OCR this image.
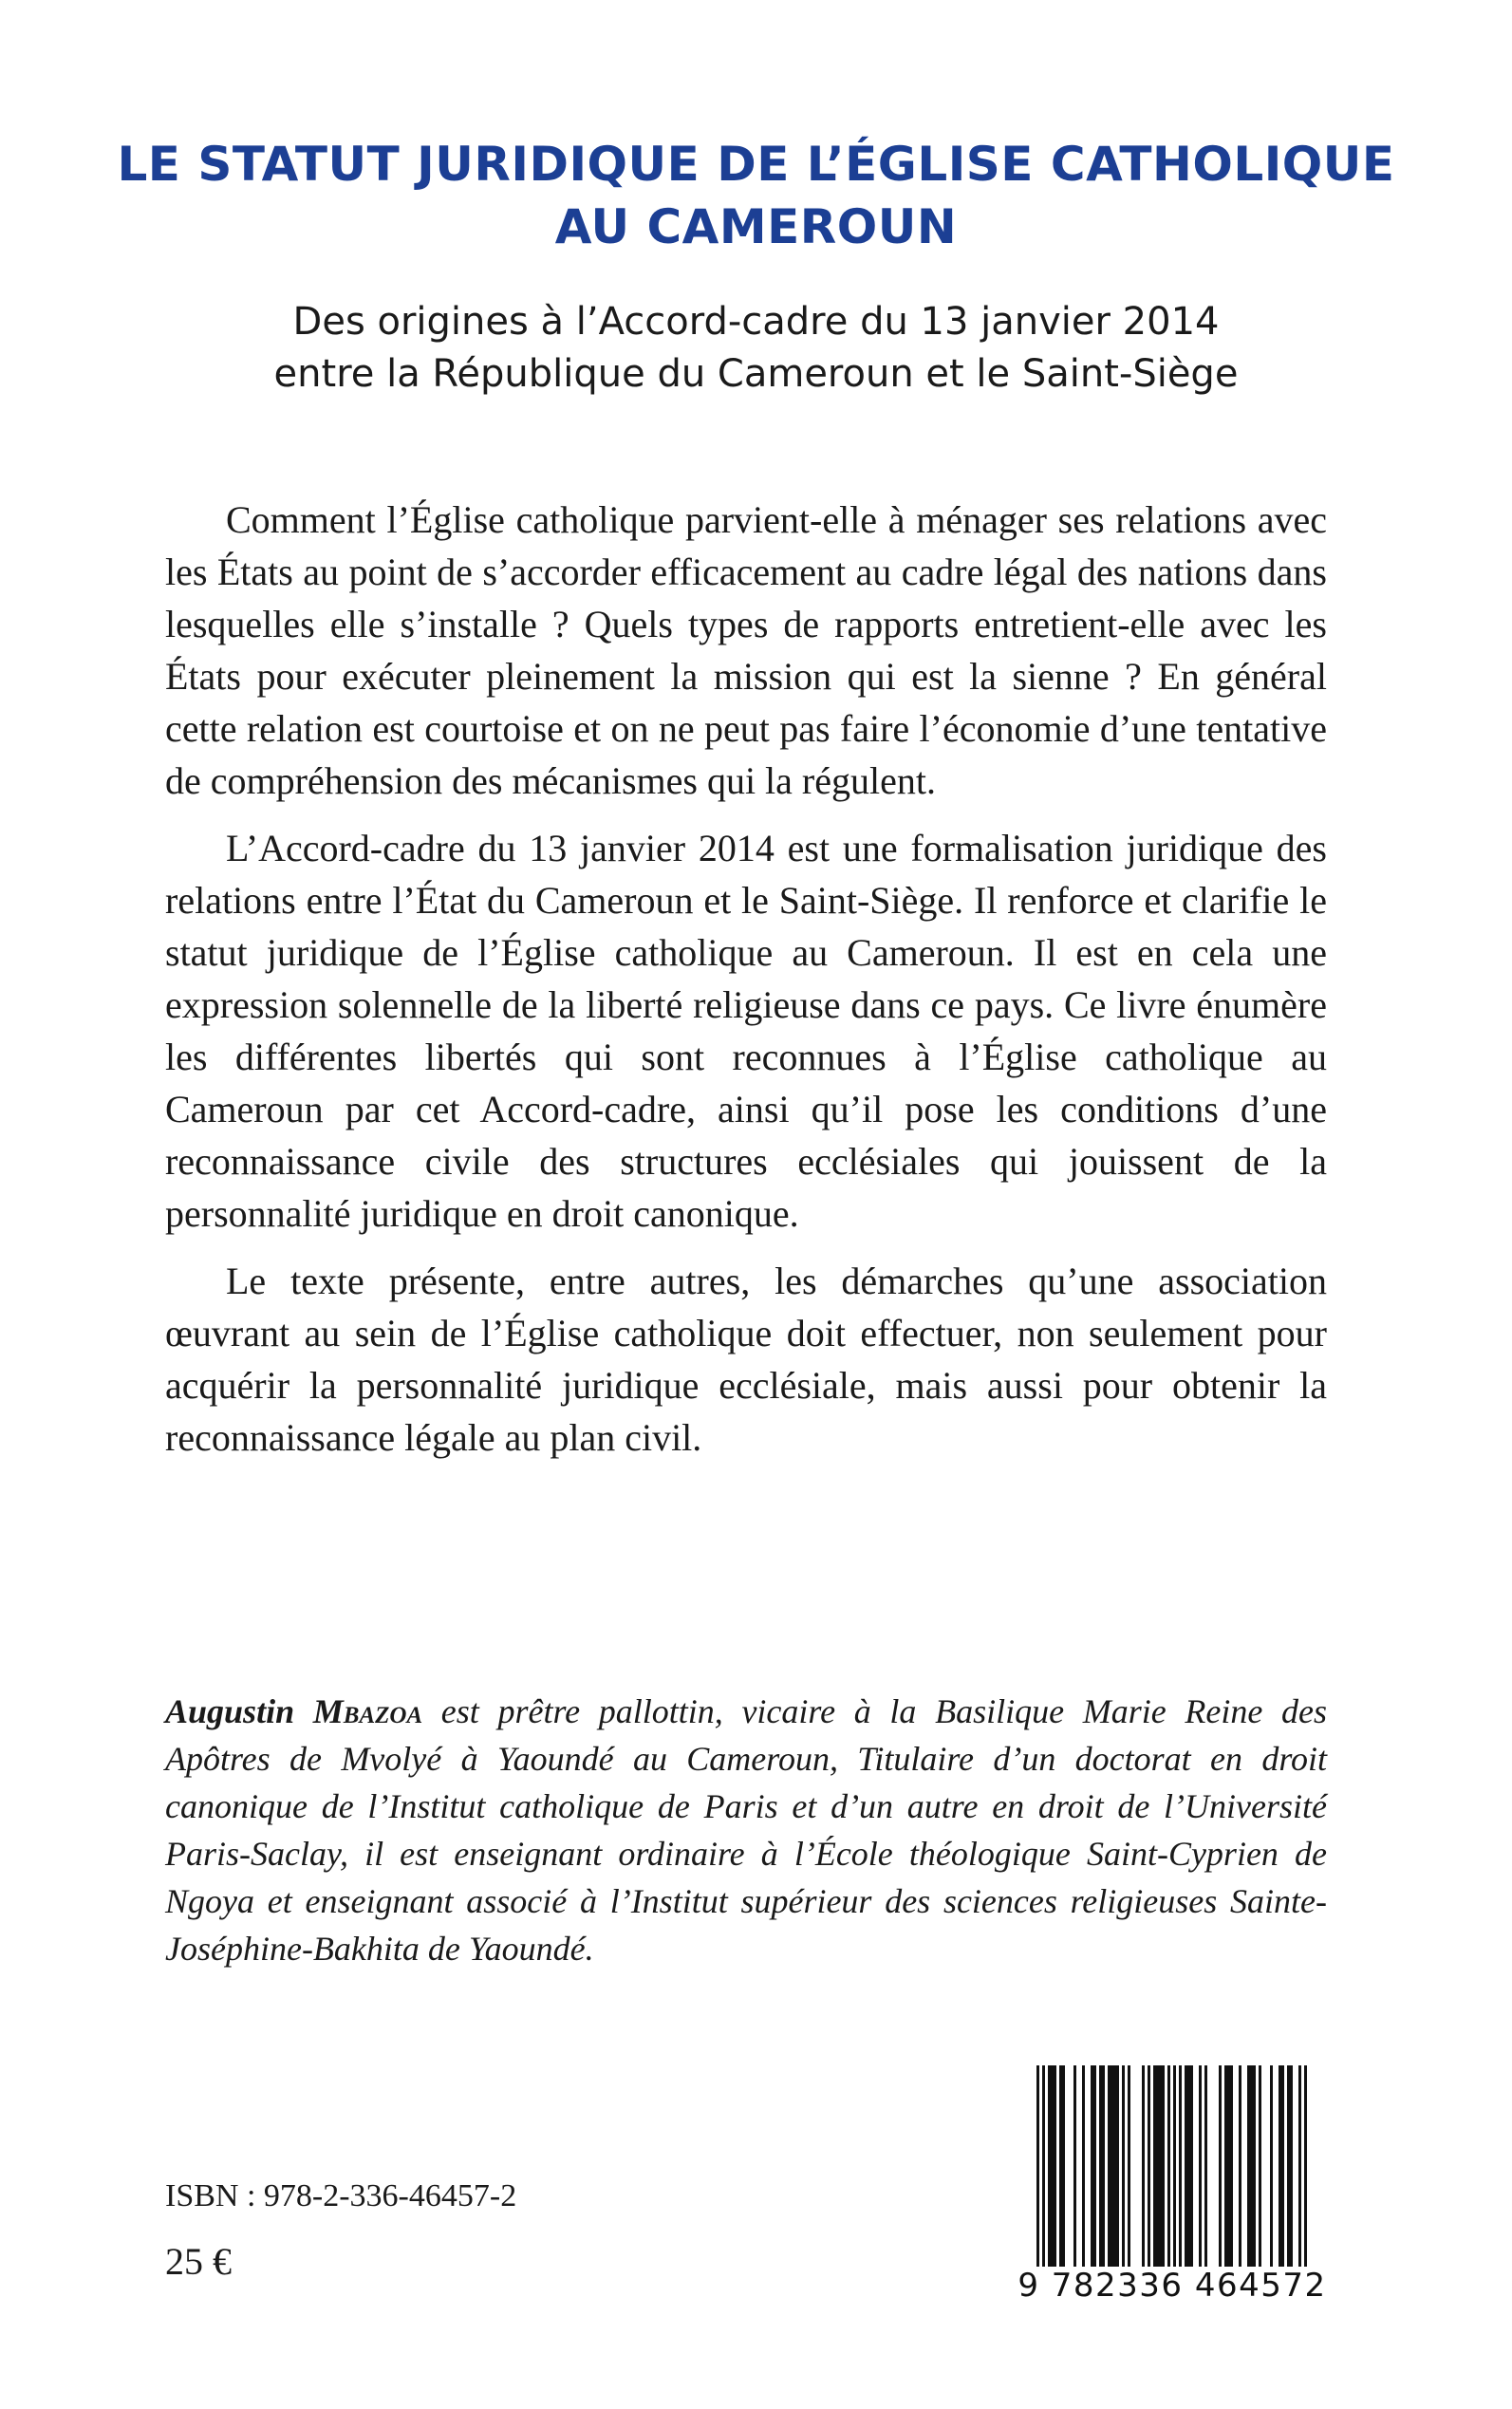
LE STATUT JURIDIQUE DE L’ÉGLISE CATHOLIQUE
AU CAMEROUN
Des origines à l’Accord-cadre du 13 janvier 2014
entre la République du Cameroun et le Saint-Siège

Comment l’Église catholique parvient-elle à ménager ses relations avec les États au point de s’accorder efficacement au cadre légal des nations dans lesquelles elle s’installe ? Quels types de rapports entretient-elle avec les États pour exécuter pleinement la mission qui est la sienne ? En général cette relation est courtoise et on ne peut pas faire l’économie d’une tentative de compréhension des mécanismes qui la régulent.

L’Accord-cadre du 13 janvier 2014 est une formalisation juridique des relations entre l’État du Cameroun et le Saint-Siège. Il renforce et clarifie le statut juridique de l’Église catholique au Cameroun. Il est en cela une expression solennelle de la liberté religieuse dans ce pays. Ce livre énumère les différentes libertés qui sont reconnues à l’Église catholique au Cameroun par cet Accord-cadre, ainsi qu’il pose les conditions d’une reconnaissance civile des structures ecclésiales qui jouissent de la personnalité juridique en droit canonique.

Le texte présente, entre autres, les démarches qu’une association œuvrant au sein de l’Église catholique doit effectuer, non seulement pour acquérir la personnalité juridique ecclésiale, mais aussi pour obtenir la reconnaissance légale au plan civil.

Augustin Mbazoa est prêtre pallottin, vicaire à la Basilique Marie Reine des Apôtres de Mvolyé à Yaoundé au Cameroun, Titulaire d’un doctorat en droit canonique de l’Institut catholique de Paris et d’un autre en droit de l’Université Paris-Saclay, il est enseignant ordinaire à l’École théologique Saint-Cyprien de Ngoya et enseignant associé à l’Institut supérieur des sciences religieuses Sainte-Joséphine-Bakhita de Yaoundé.

ISBN : 978-2-336-46457-2
25 €
9 782336 464572
